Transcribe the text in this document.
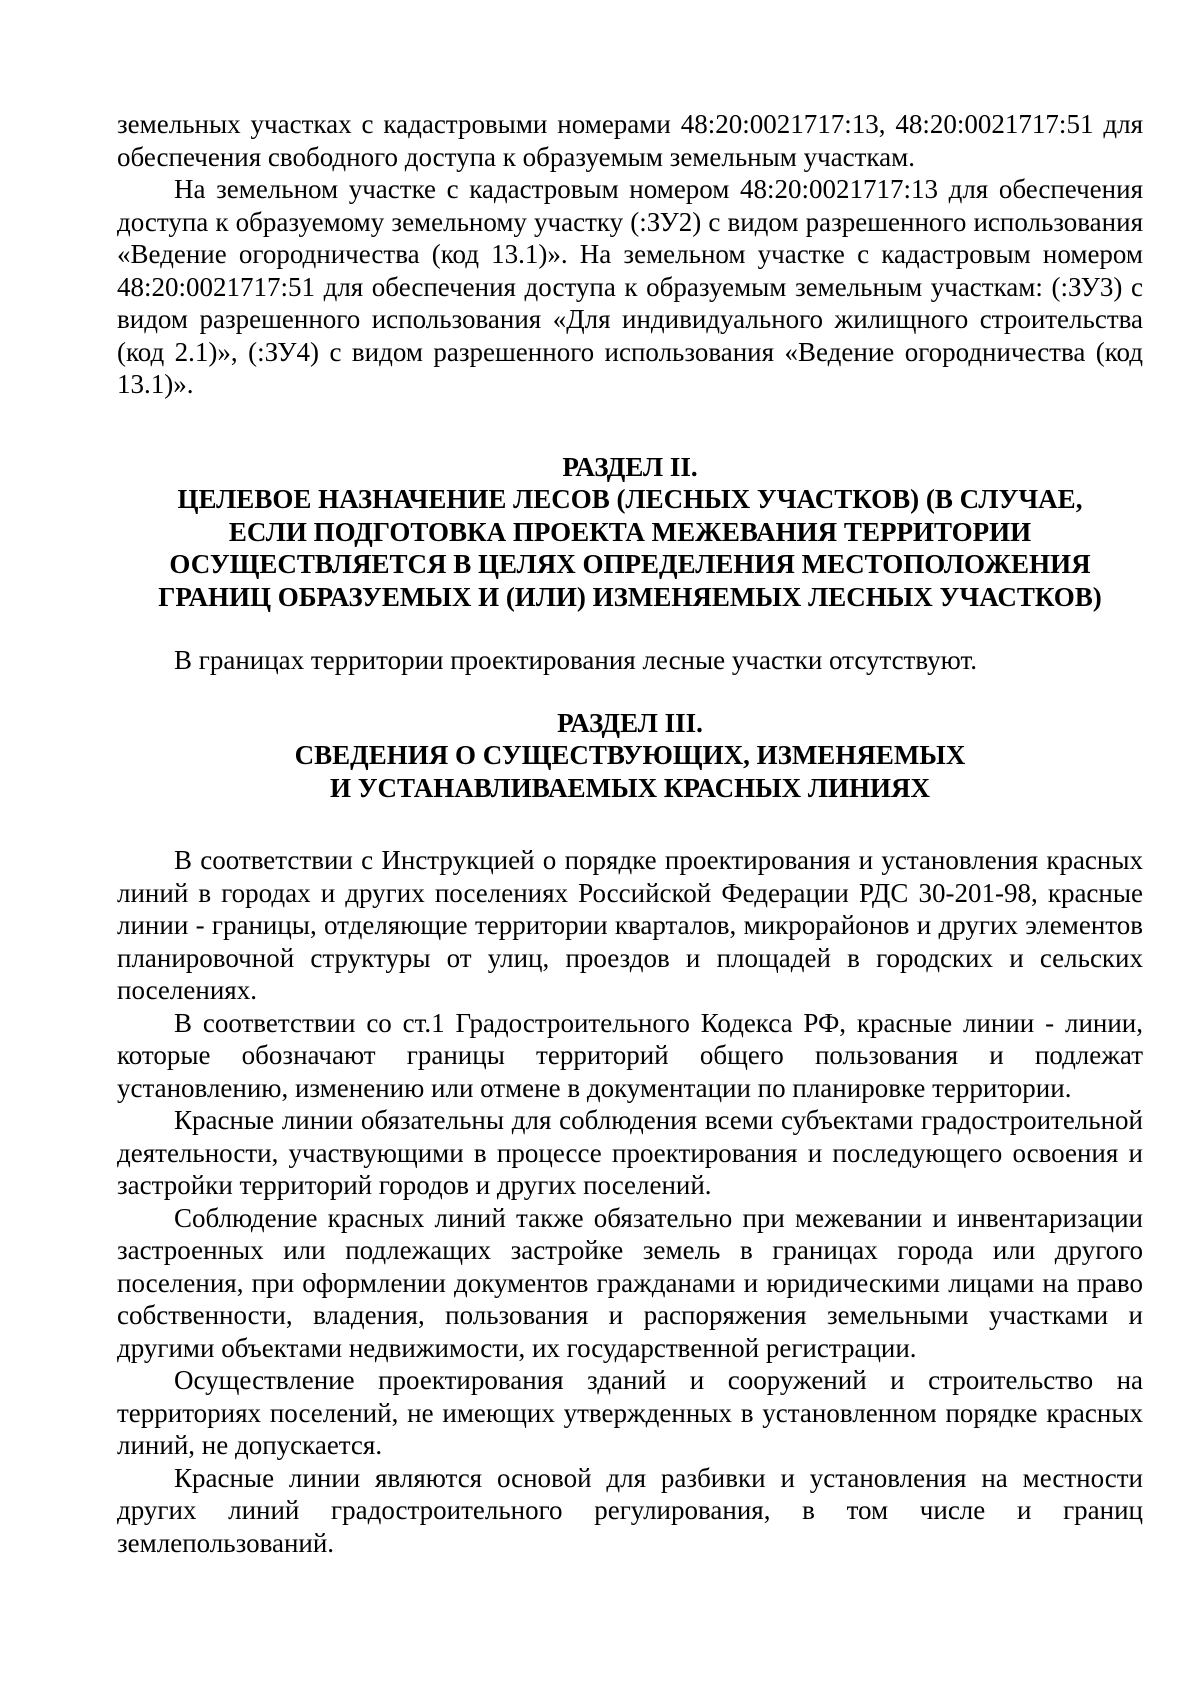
земельных участках с кадастровыми номерами 48:20:0021717:13, 48:20:0021717:51 для обеспечения свободного доступа к образуемым земельным участкам.

На земельном участке с кадастровым номером 48:20:0021717:13 для обеспечения доступа к образуемому земельному участку (:ЗУ2) с видом разрешенного использования «Ведение огородничества (код 13.1)». На земельном участке с кадастровым номером 48:20:0021717:51 для обеспечения доступа к образуемым земельным участкам: (:ЗУ3) с видом разрешенного использования «Для индивидуального жилищного строительства (код 2.1)», (:ЗУ4) с видом разрешенного использования «Ведение огородничества (код 13.1)».

РАЗДЕЛ II.
ЦЕЛЕВОЕ НАЗНАЧЕНИЕ ЛЕСОВ (ЛЕСНЫХ УЧАСТКОВ) (В СЛУЧАЕ,
ЕСЛИ ПОДГОТОВКА ПРОЕКТА МЕЖЕВАНИЯ ТЕРРИТОРИИ
ОСУЩЕСТВЛЯЕТСЯ В ЦЕЛЯХ ОПРЕДЕЛЕНИЯ МЕСТОПОЛОЖЕНИЯ
ГРАНИЦ ОБРАЗУЕМЫХ И (ИЛИ) ИЗМЕНЯЕМЫХ ЛЕСНЫХ УЧАСТКОВ)

В границах территории проектирования лесные участки отсутствуют.

РАЗДЕЛ III.
СВЕДЕНИЯ О СУЩЕСТВУЮЩИХ, ИЗМЕНЯЕМЫХ
И УСТАНАВЛИВАЕМЫХ КРАСНЫХ ЛИНИЯХ

В соответствии с Инструкцией о порядке проектирования и установления красных линий в городах и других поселениях Российской Федерации РДС 30-201-98, красные линии - границы, отделяющие территории кварталов, микрорайонов и других элементов планировочной структуры от улиц, проездов и площадей в городских и сельских поселениях.

В соответствии со ст.1 Градостроительного Кодекса РФ, красные линии - линии, которые обозначают границы территорий общего пользования и подлежат установлению, изменению или отмене в документации по планировке территории.

Красные линии обязательны для соблюдения всеми субъектами градостроительной деятельности, участвующими в процессе проектирования и последующего освоения и застройки территорий городов и других поселений.

Соблюдение красных линий также обязательно при межевании и инвентаризации застроенных или подлежащих застройке земель в границах города или другого поселения, при оформлении документов гражданами и юридическими лицами на право собственности, владения, пользования и распоряжения земельными участками и другими объектами недвижимости, их государственной регистрации.

Осуществление проектирования зданий и сооружений и строительство на территориях поселений, не имеющих утвержденных в установленном порядке красных линий, не допускается.

Красные линии являются основой для разбивки и установления на местности других линий градостроительного регулирования, в том числе и границ землепользований.
